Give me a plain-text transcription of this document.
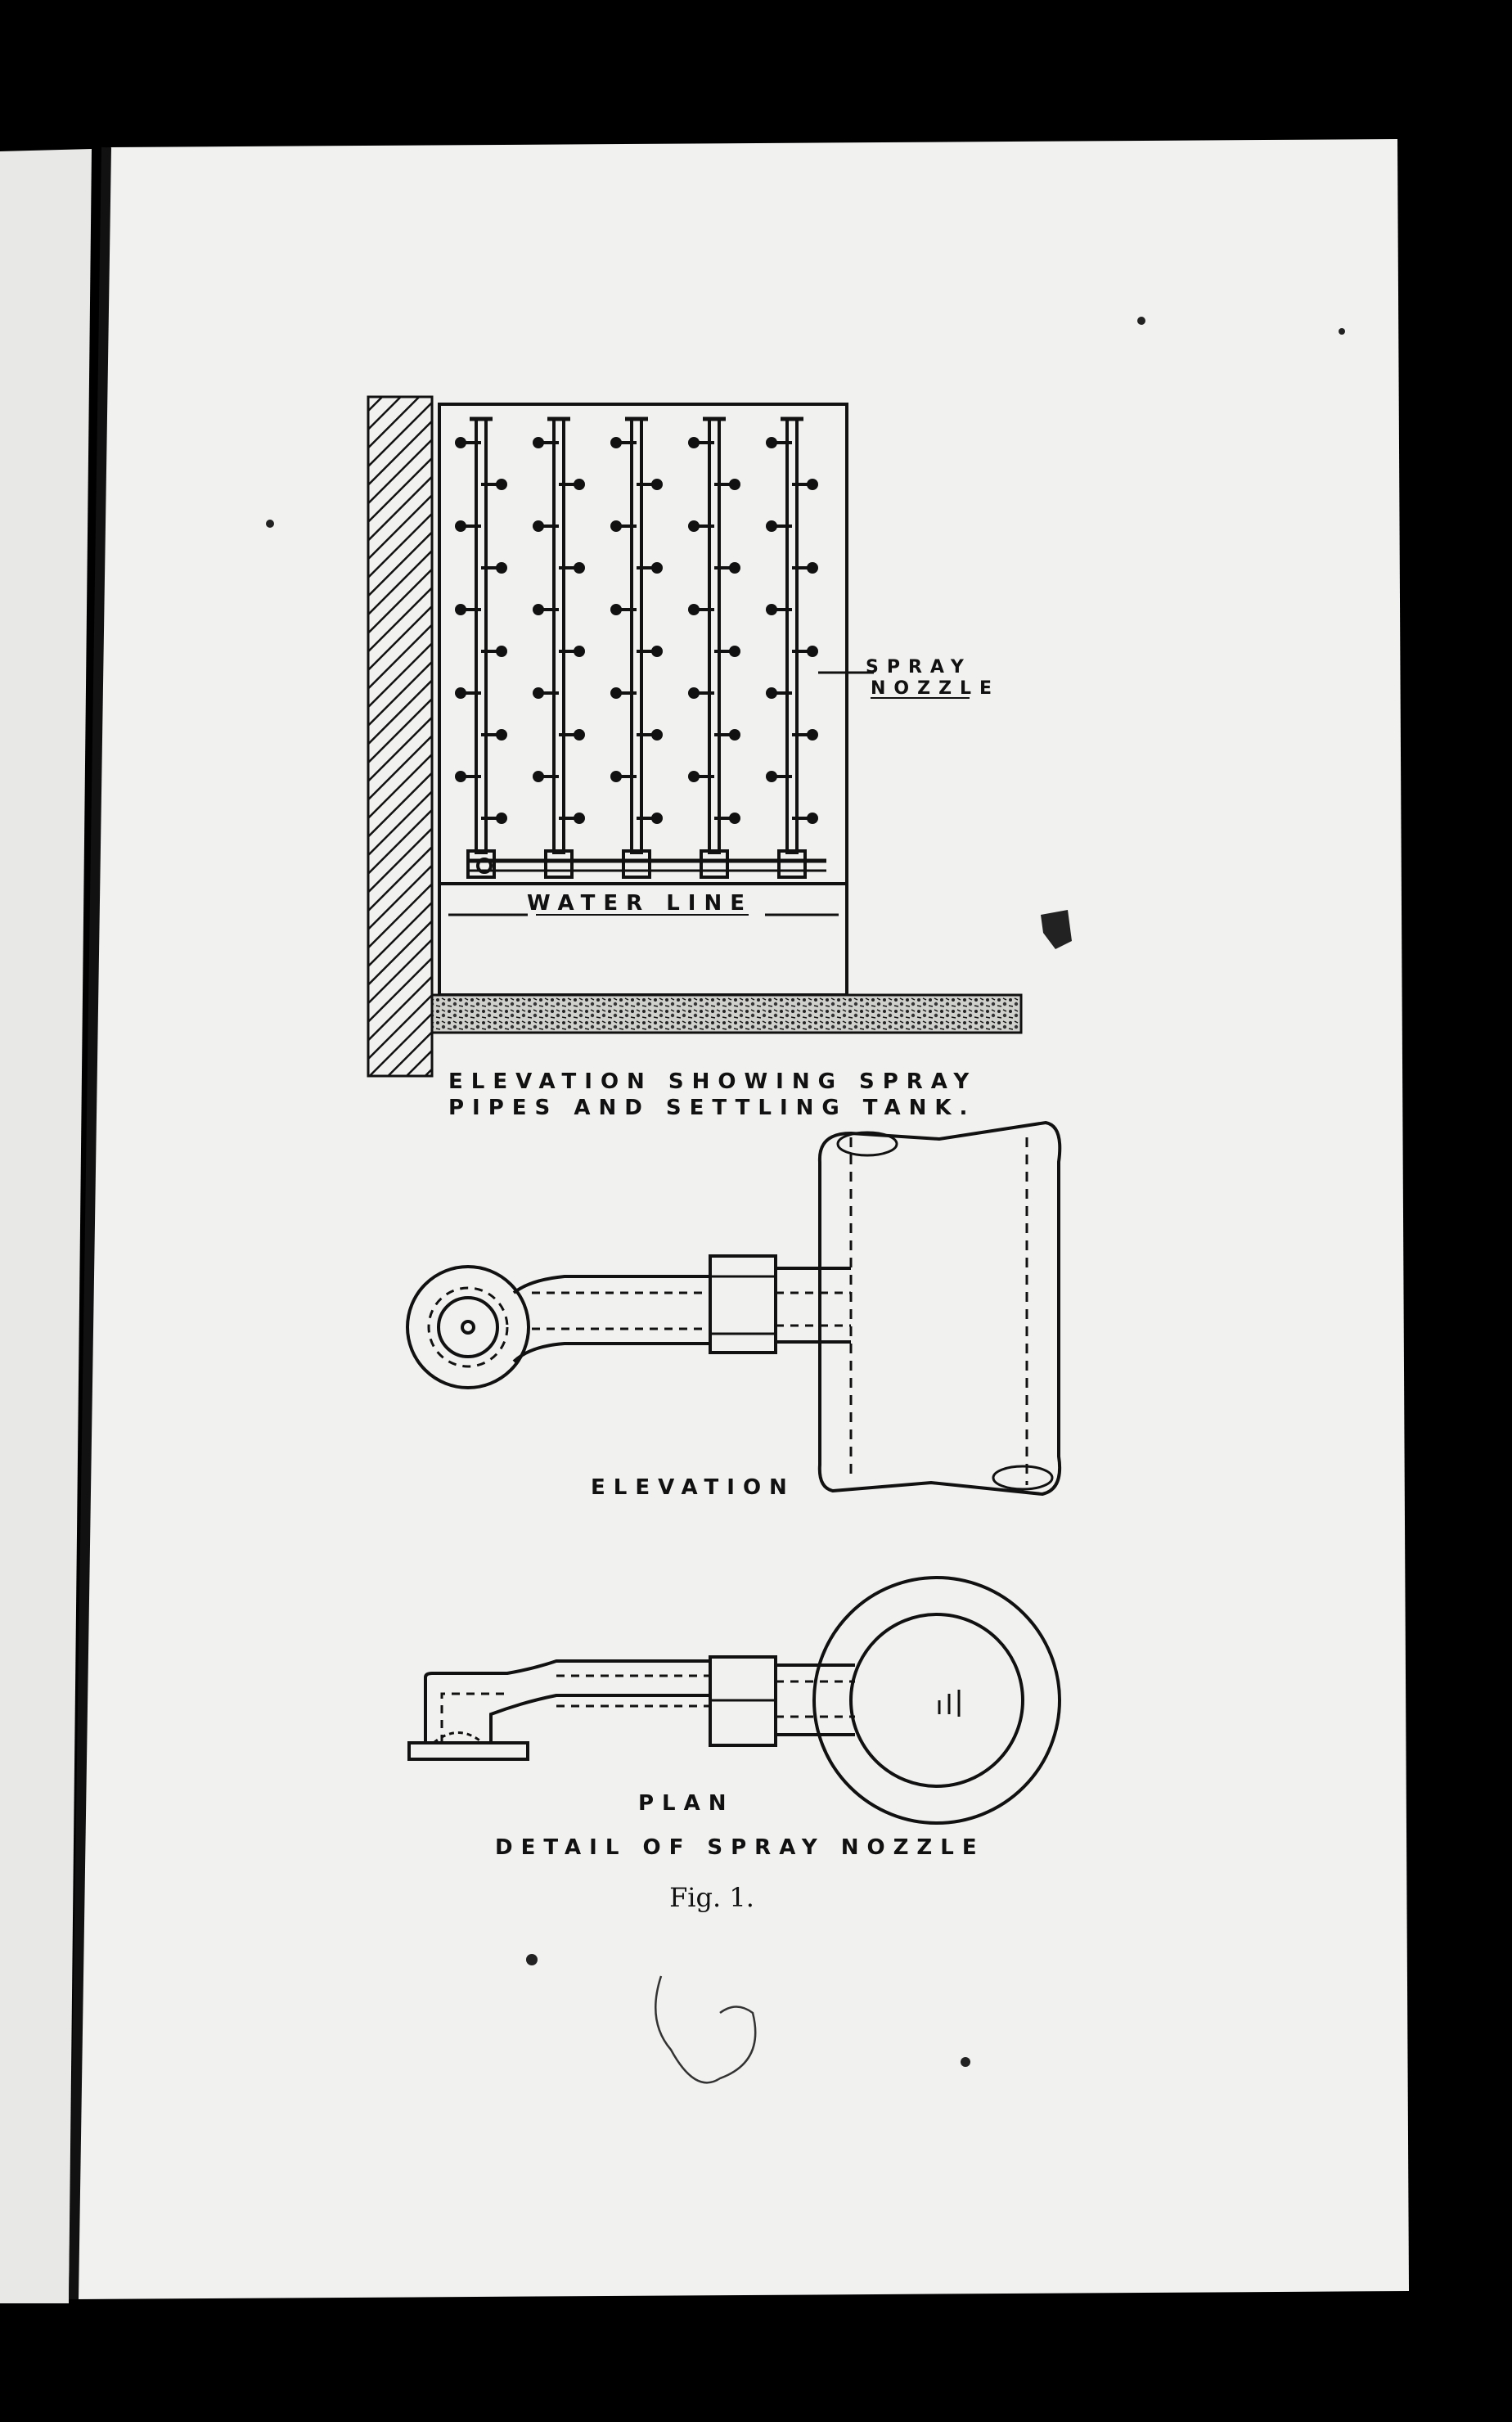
SPRAY
NOZZLE
WATER LINE
ELEVATION SHOWING SPRAY
PIPES AND SETTLING TANK.
ELEVATION
PLAN
DETAIL OF SPRAY NOZZLE
Fig. 1.
